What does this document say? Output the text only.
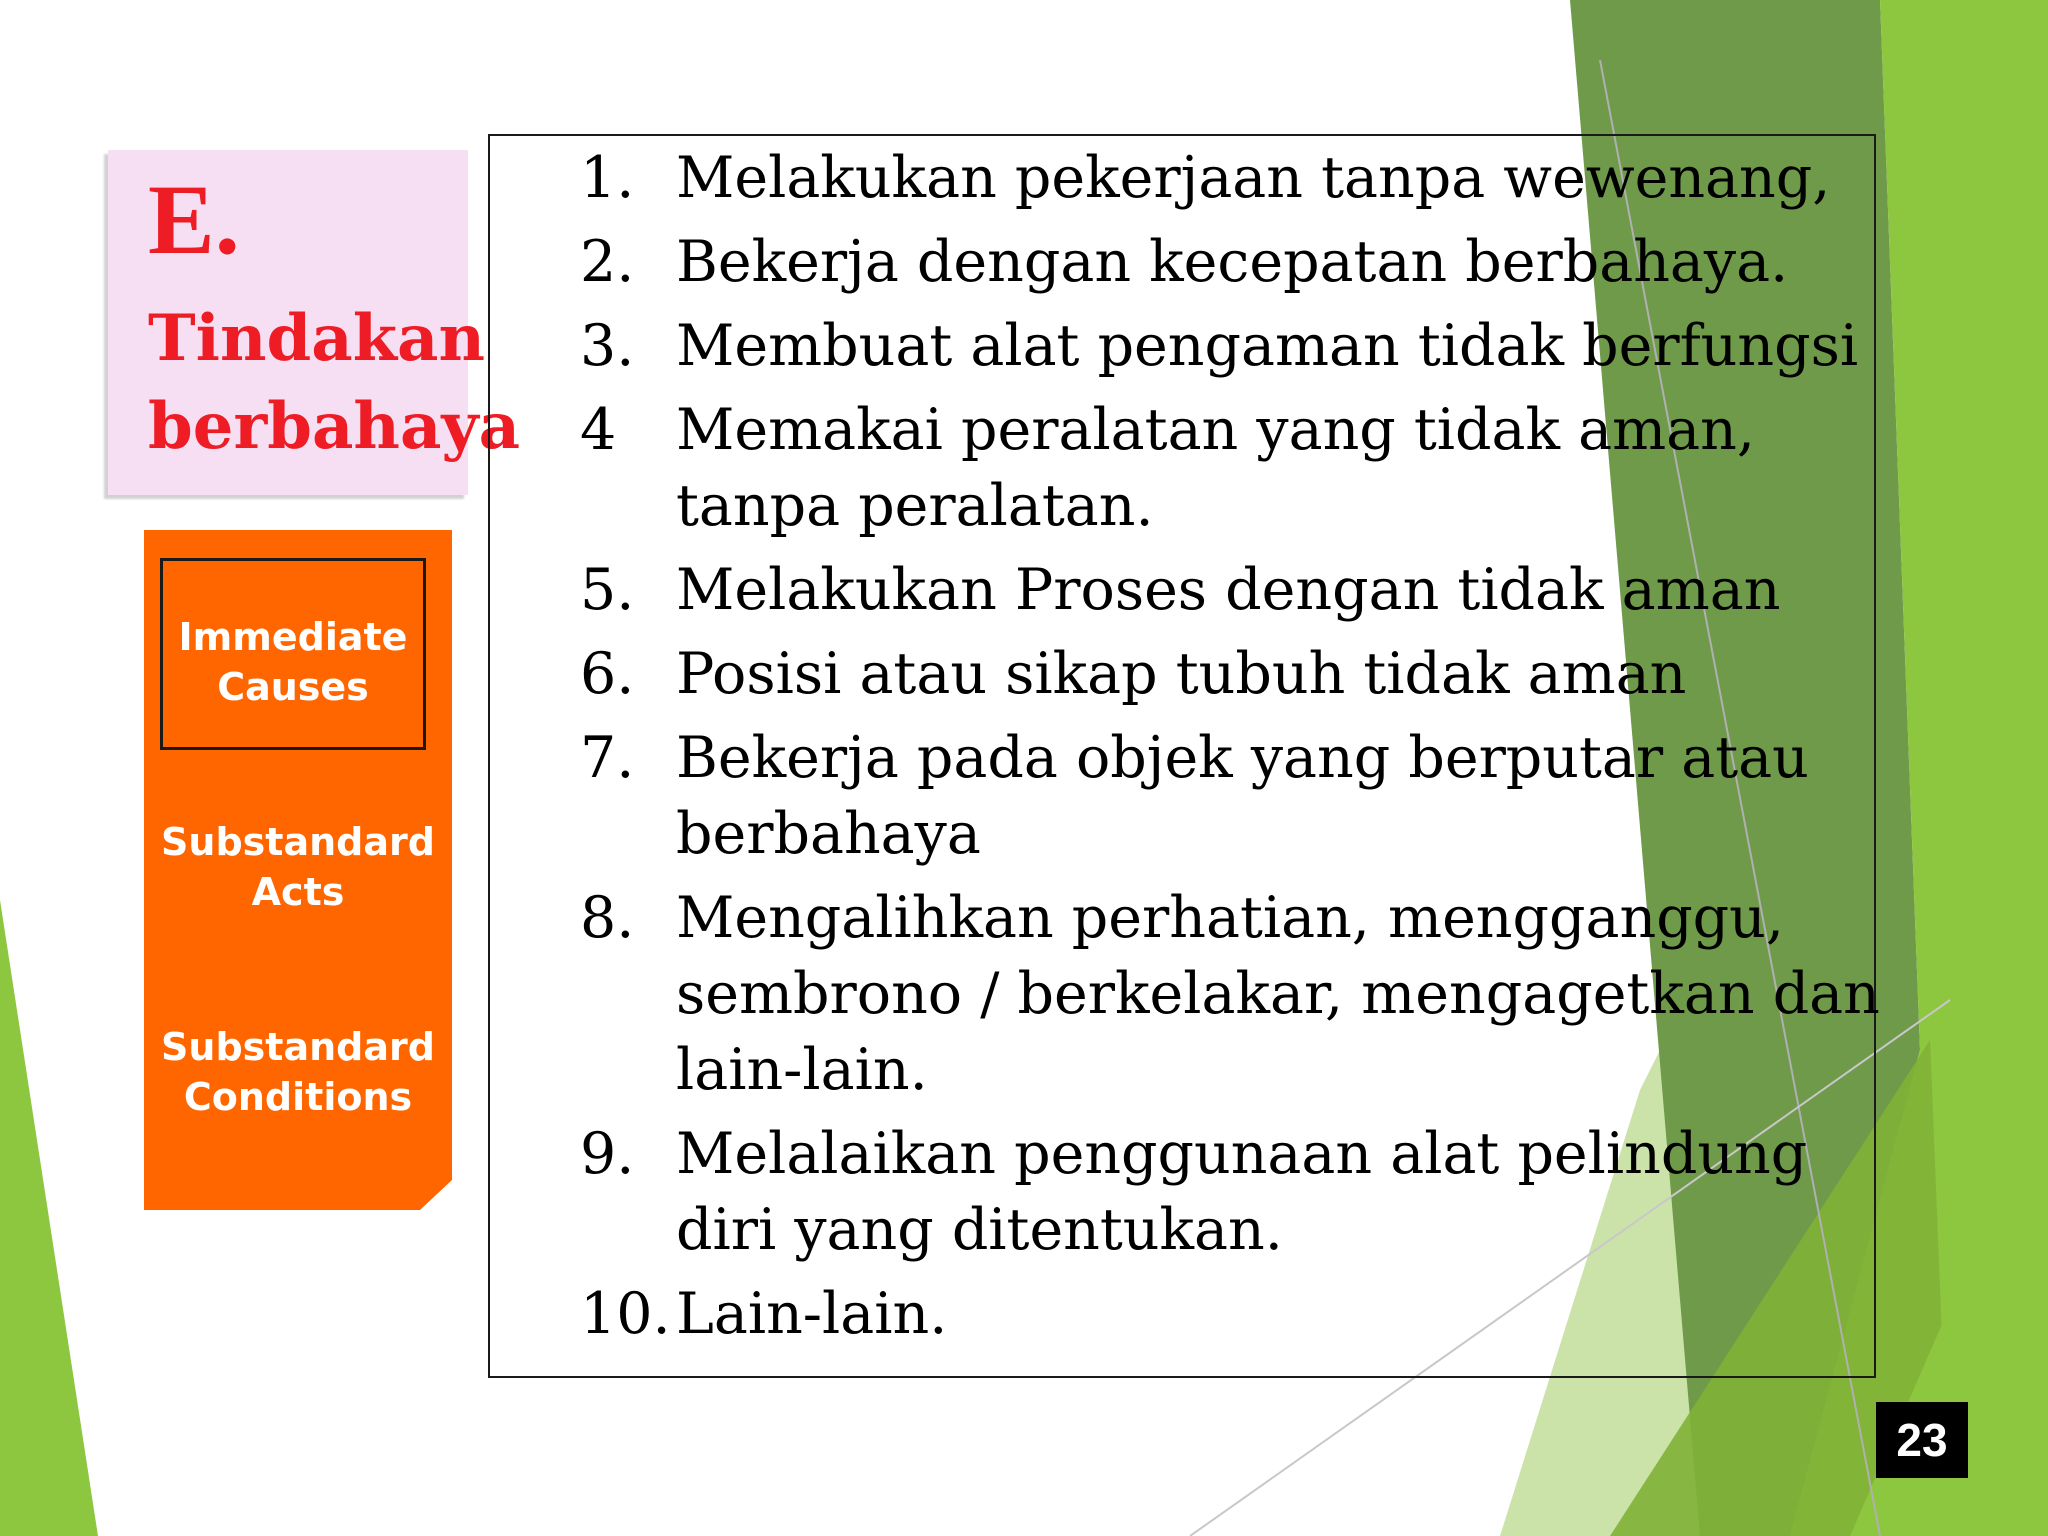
E.
Tindakan
berbahaya
Immediate
Causes
Substandard
Acts
Substandard
Conditions
1. Melakukan pekerjaan tanpa wewenang,
2. Bekerja dengan kecepatan berbahaya.
3. Membuat alat pengaman tidak berfungsi
4 Memakai peralatan yang tidak aman,
tanpa peralatan.
5. Melakukan Proses dengan tidak aman
6. Posisi atau sikap tubuh tidak aman
7. Bekerja pada objek yang berputar atau
berbahaya
8. Mengalihkan perhatian, mengganggu,
sembrono / berkelakar, mengagetkan dan
lain-lain.
9. Melalaikan penggunaan alat pelindung
diri yang ditentukan.
10. Lain-lain.
23
